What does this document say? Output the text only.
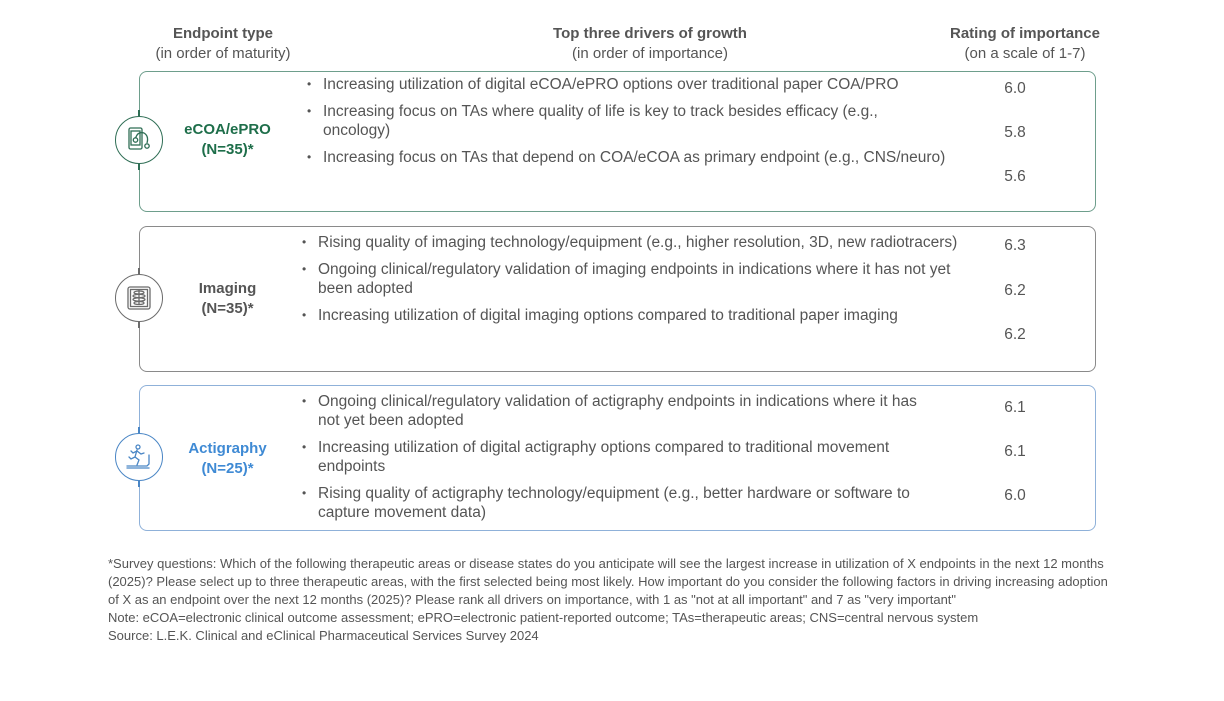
Endpoint type
(in order of maturity)
Top three drivers of growth
(in order of importance)
Rating of importance
(on a scale of 1-7)
eCOA/ePRO
(N=35)*
• Increasing utilization of digital eCOA/ePRO options over traditional paper COA/PRO
• Increasing focus on TAs where quality of life is key to track besides efficacy (e.g., oncology)
• Increasing focus on TAs that depend on COA/eCOA as primary endpoint (e.g., CNS/neuro)
6.0
5.8
5.6
Imaging
(N=35)*
• Rising quality of imaging technology/equipment (e.g., higher resolution, 3D, new radiotracers)
• Ongoing clinical/regulatory validation of imaging endpoints in indications where it has not yet been adopted
• Increasing utilization of digital imaging options compared to traditional paper imaging
6.3
6.2
6.2
Actigraphy
(N=25)*
• Ongoing clinical/regulatory validation of actigraphy endpoints in indications where it has not yet been adopted
• Increasing utilization of digital actigraphy options compared to traditional movement endpoints
• Rising quality of actigraphy technology/equipment (e.g., better hardware or software to capture movement data)
6.1
6.1
6.0
*Survey questions: Which of the following therapeutic areas or disease states do you anticipate will see the largest increase in utilization of X endpoints in the next 12 months (2025)? Please select up to three therapeutic areas, with the first selected being most likely. How important do you consider the following factors in driving increasing adoption of X as an endpoint over the next 12 months (2025)? Please rank all drivers on importance, with 1 as "not at all important" and 7 as "very important"
Note: eCOA=electronic clinical outcome assessment; ePRO=electronic patient-reported outcome; TAs=therapeutic areas; CNS=central nervous system
Source: L.E.K. Clinical and eClinical Pharmaceutical Services Survey 2024
